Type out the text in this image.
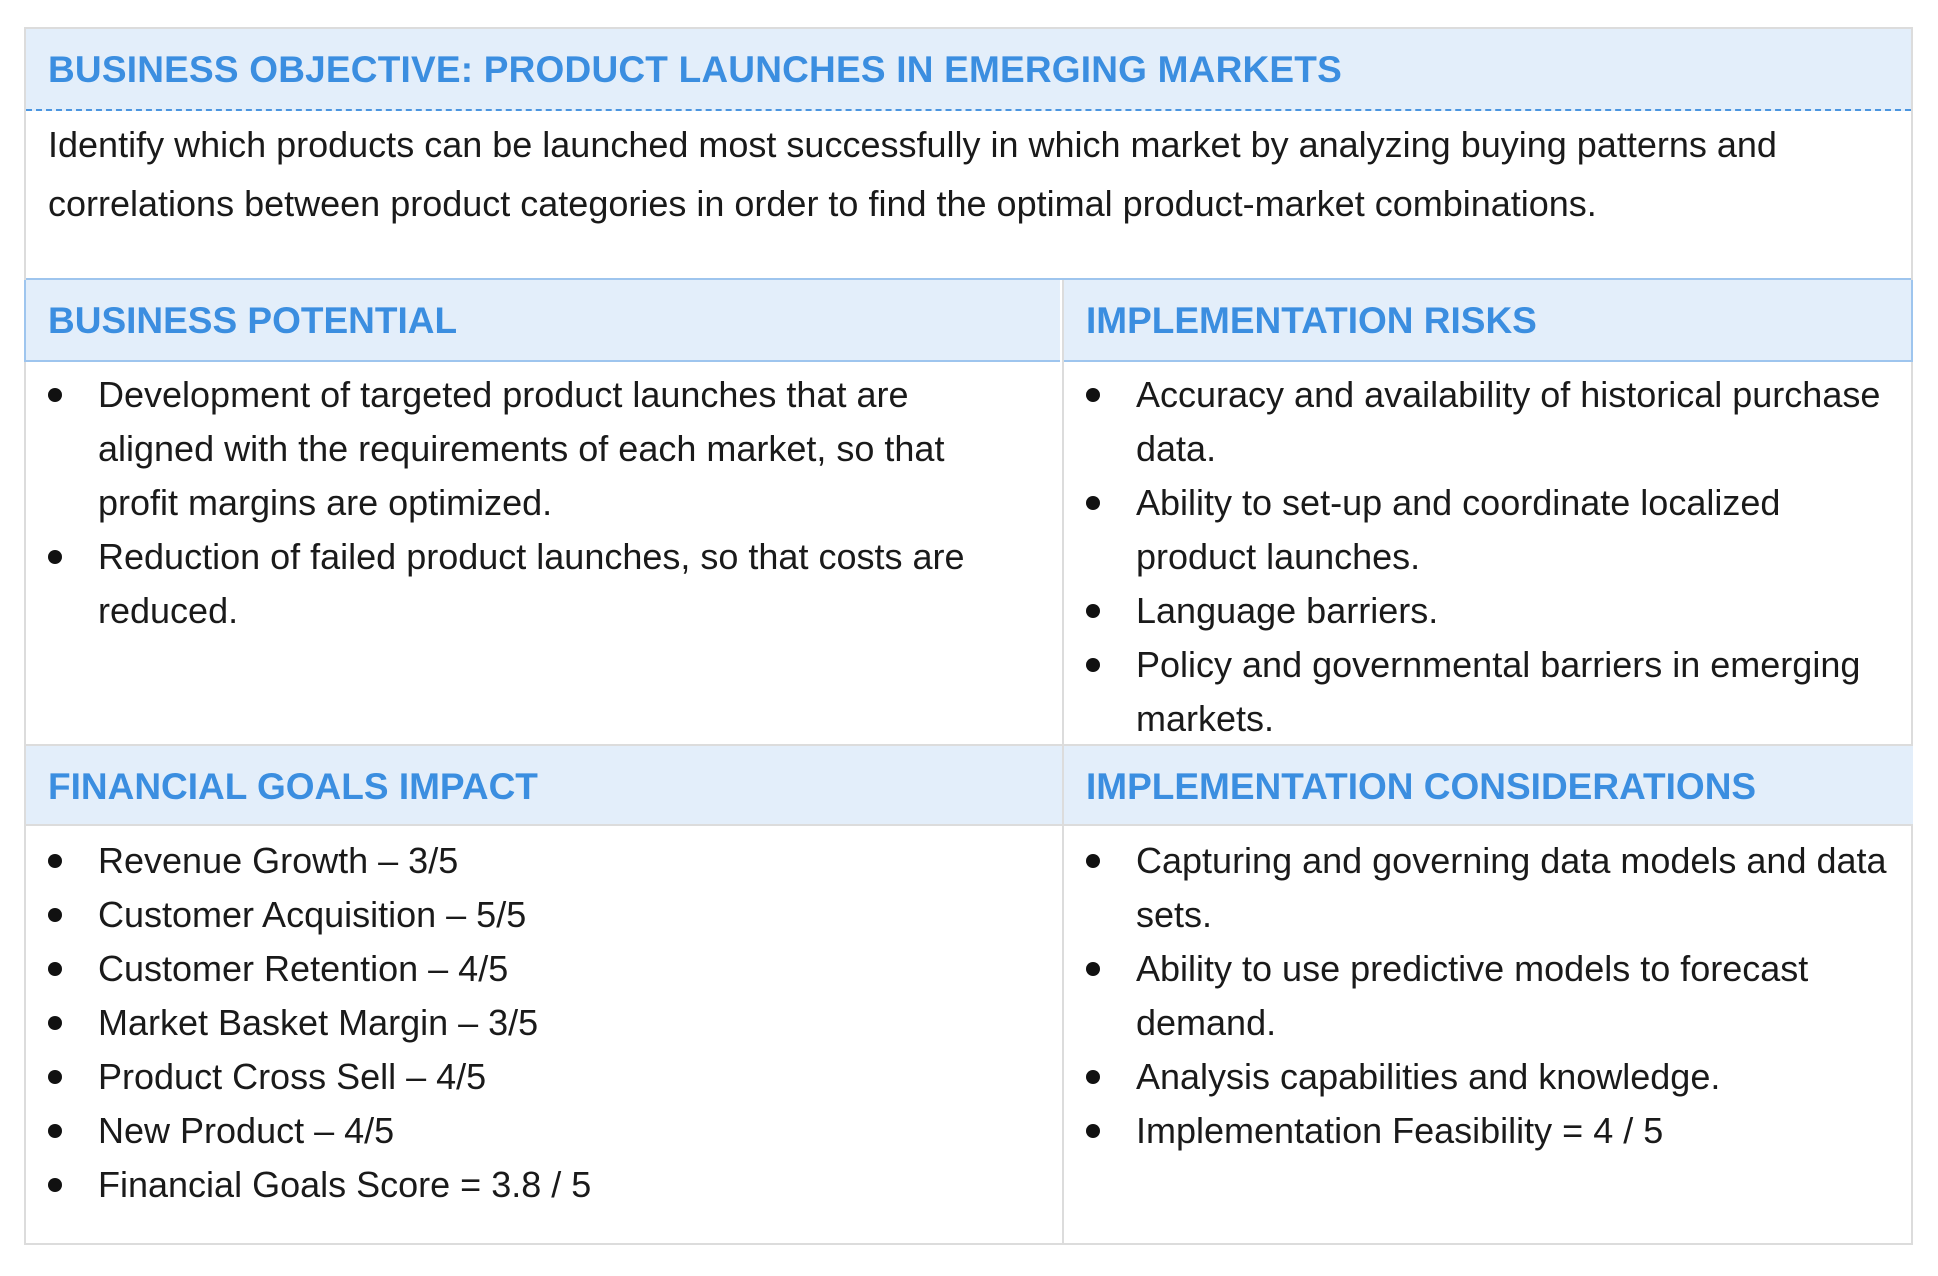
BUSINESS OBJECTIVE: PRODUCT LAUNCHES IN EMERGING MARKETS
Identify which products can be launched most successfully in which market by analyzing buying patterns and correlations between product categories in order to find the optimal product-market combinations.
BUSINESS POTENTIAL	IMPLEMENTATION RISKS
Development of targeted product launches that are aligned with the requirements of each market, so that profit margins are optimized.
Reduction of failed product launches, so that costs are reduced.
Accuracy and availability of historical purchase data.
Ability to set-up and coordinate localized product launches.
Language barriers.
Policy and governmental barriers in emerging markets.
FINANCIAL GOALS IMPACT	IMPLEMENTATION CONSIDERATIONS
Revenue Growth – 3/5
Customer Acquisition – 5/5
Customer Retention – 4/5
Market Basket Margin – 3/5
Product Cross Sell – 4/5
New Product – 4/5
Financial Goals Score = 3.8 / 5
Capturing and governing data models and data sets.
Ability to use predictive models to forecast demand.
Analysis capabilities and knowledge.
Implementation Feasibility = 4 / 5
